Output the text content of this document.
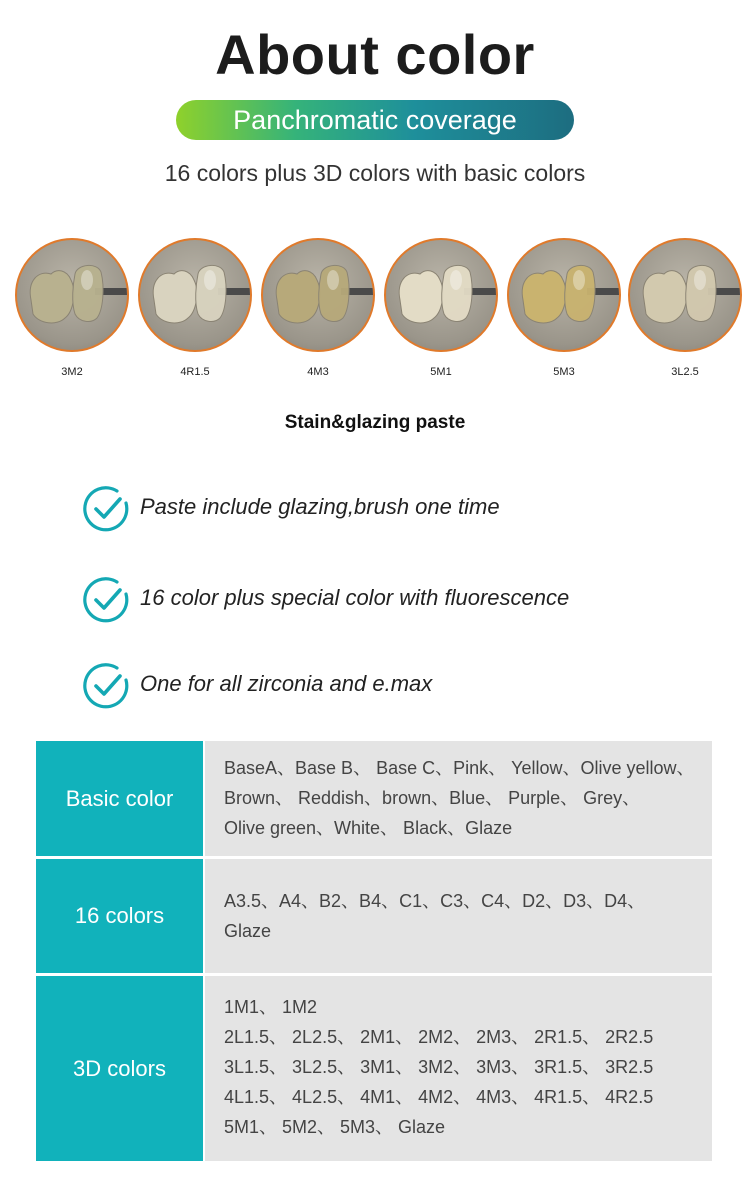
About color
Panchromatic coverage
16 colors plus 3D colors with basic colors
3M2	4R1.5	4M3	5M1	5M3	3L2.5
Stain&glazing paste
Paste include glazing,brush one time
16 color plus special color with fluorescence
One for all zirconia and e.max
Basic color
BaseA、Base B、 Base C、Pink、 Yellow、Olive yellow、
Brown、 Reddish、brown、Blue、 Purple、 Grey、
Olive green、White、 Black、Glaze
16 colors
A3.5、A4、B2、B4、C1、C3、C4、D2、D3、D4、
Glaze
3D colors
1M1、 1M2
2L1.5、 2L2.5、 2M1、 2M2、 2M3、 2R1.5、 2R2.5
3L1.5、 3L2.5、 3M1、 3M2、 3M3、 3R1.5、 3R2.5
4L1.5、 4L2.5、 4M1、 4M2、 4M3、 4R1.5、 4R2.5
5M1、 5M2、 5M3、 Glaze
